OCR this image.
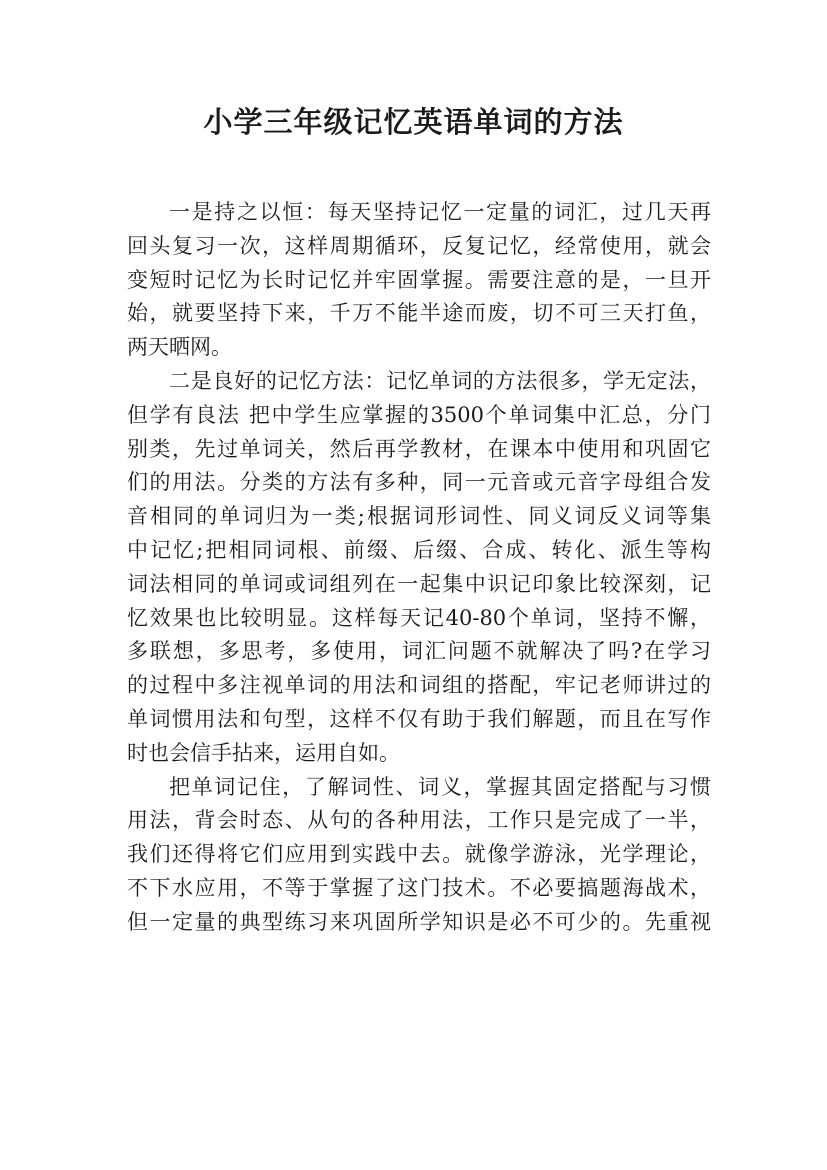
小学三年级记忆英语单词的方法
一是持之以恒：每天坚持记忆一定量的词汇，过几天再
回头复习一次，这样周期循环，反复记忆，经常使用，就会
变短时记忆为长时记忆并牢固掌握。需要注意的是，一旦开
始，就要坚持下来，千万不能半途而废，切不可三天打鱼，
两天晒网。
二是良好的记忆方法：记忆单词的方法很多，学无定法，
但学有良法 把中学生应掌握的3500个单词集中汇总，分门
别类，先过单词关，然后再学教材，在课本中使用和巩固它
们的用法。分类的方法有多种，同一元音或元音字母组合发
音相同的单词归为一类;根据词形词性、同义词反义词等集
中记忆;把相同词根、前缀、后缀、合成、转化、派生等构
词法相同的单词或词组列在一起集中识记印象比较深刻，记
忆效果也比较明显。这样每天记40-80个单词，坚持不懈，
多联想，多思考，多使用，词汇问题不就解决了吗?在学习
的过程中多注视单词的用法和词组的搭配，牢记老师讲过的
单词惯用法和句型，这样不仅有助于我们解题，而且在写作
时也会信手拈来，运用自如。
把单词记住，了解词性、词义，掌握其固定搭配与习惯
用法，背会时态、从句的各种用法，工作只是完成了一半，
我们还得将它们应用到实践中去。就像学游泳，光学理论，
不下水应用，不等于掌握了这门技术。不必要搞题海战术，
但一定量的典型练习来巩固所学知识是必不可少的。先重视
